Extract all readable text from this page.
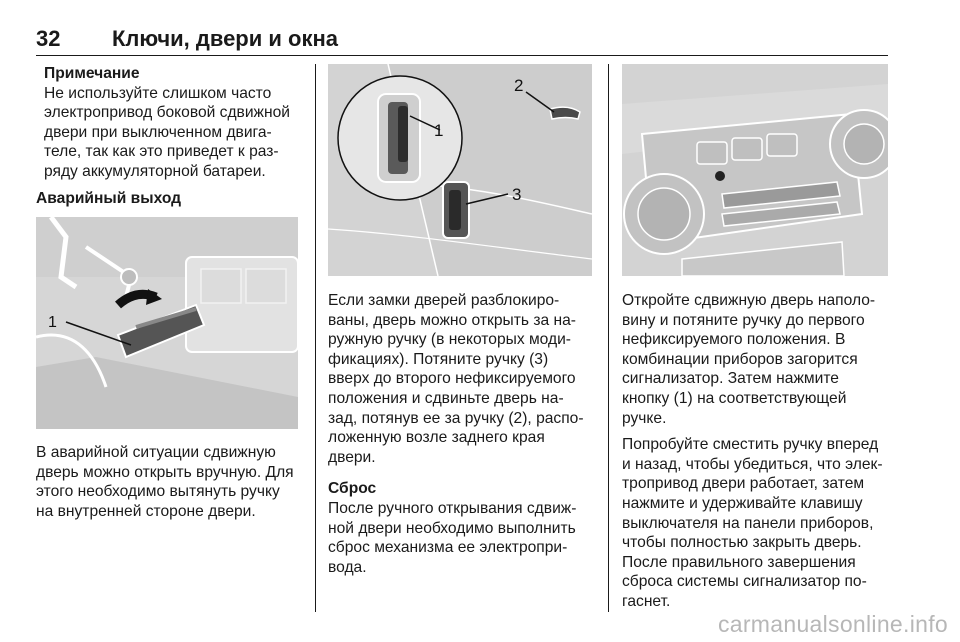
32 Ключи, двери и окна
Примечание
Не используйте слишком часто
электропривод боковой сдвижной
двери при выключенном двига-
теле, так как это приведет к раз-
ряду аккумуляторной батареи.
Аварийный выход
1
В аварийной ситуации сдвижную
дверь можно открыть вручную. Для
этого необходимо вытянуть ручку
на внутренней стороне двери.
1
2
3
Если замки дверей разблокиро-
ваны, дверь можно открыть за на-
ружную ручку (в некоторых моди-
фикациях). Потяните ручку (3)
вверх до второго нефиксируемого
положения и сдвиньте дверь на-
зад, потянув ее за ручку (2), распо-
ложенную возле заднего края
двери.
Сброс
После ручного открывания сдвиж-
ной двери необходимо выполнить
сброс механизма ее электропри-
вода.
Откройте сдвижную дверь наполо-
вину и потяните ручку до первого
нефиксируемого положения. В
комбинации приборов загорится
сигнализатор. Затем нажмите
кнопку (1) на соответствующей
ручке.
Попробуйте сместить ручку вперед
и назад, чтобы убедиться, что элек-
тропривод двери работает, затем
нажмите и удерживайте клавишу
выключателя на панели приборов,
чтобы полностью закрыть дверь.
После правильного завершения
сброса системы сигнализатор по-
гаснет.
carmanualsonline.info
